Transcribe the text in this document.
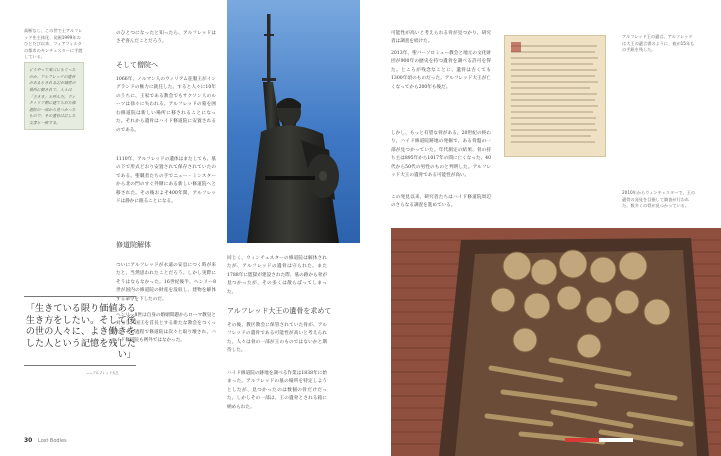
高断なし、この世で土アルフレッドを主体化、発掘1999年のひとたび以来、フィアフィルタの都市のキンチェスターに手渡している。

どうやって巣穴にもぐったのか、アルフレッドの遺骨があるとされる記が城壁の場所に掘されて、人々は「王さま」と呼んだ。ヴィクトリア朝に建てられた修道院の一部から見つかったもので、その遺骨は記した文書と一致する。

のひとつになったと知ったら、アルフレッドはさぞ喜んだことだろう。
そして僧院へ
1066年、ノルマン人のウィリアム征服王がイングランドの権力に就任した。すると人々に10年のうちに、王家である教会でもサクソン人のルーツは徐々に失われる。アルフレッドの墓を囲む修道院は新しい場所に移されることになった。それから遺骨はハイド修道院に安置されるのである。
1110年、アルフレッドの遺体はまたしても、墓の下で形式どおり安置されて保存されていたのである。聖職者たちの手でニュー・ミンスターから北の門のすぐ外側にある新しい修道院へと移された。その後およそ400年間、アルフレッドは静かに眠ることになる。
修道院解体
ついにアルフレッドが永遠の安息につく時が来たと、当然思われたことだろう。しかし実際にそうはならなかった。16世紀後半、ヘンリー8世が国内の修道院の財産を没収し、建物を解体する命令を下したのだ。
ヘンリー8世は自身の婚姻問題からローマ教皇と対立し、国王を首長とする新たな教会をつくった。その過程で修道院は次々と取り壊され、ハイド修道院も例外ではなかった。
「生きている限り価値ある生き方をしたい。そして後の世の人々に、よき働きをした人という記憶を残したい」
——アルフレッド大王
30 Lost Bodies
同じく、ウィンチェスターの修道院は解体されたが、アルフレッドの遺骨は守られた。また1788年に監獄が建設された際、墓の跡から骨が見つかったが、その多くは散らばってしまった。
アルフレッド大王の遺骨を求めて
その後、教区教会に保管されていた骨が、アルフレッドの遺骨である可能性が高いと考えられた。人々は骨の一部が王のものではないかと期待した。
ハイド修道院の跡地を調べる作業は1838年に始まった。アルフレッドの墓の場所を特定しようとしたが、見つかったのは数個の骨だけだった。しかしその一部は、王の遺骨とされる箱に納められた。
可能性が高いと考えられる骨が見つかり、研究者は調査を続けた。
2013年、聖バーソロミュー教会と地元の文化財団が900年の歴史を持つ遺骨を調べる許可を得た。ところが残念なことに、遺骨は古くても1300年頃のものだった。アルフレッド大王が亡くなってから200年も後だ。
しかし、もっと有望な骨がある。20世紀の終わり、ハイド修道院跡地の発掘で、ある骨盤の一部が見つかっていた。年代測定の結果、骨の持ち主は895年から1017年の間に亡くなった、40代から50代の男性のものと判明した。アルフレッド大王の遺骨である可能性が高い。
この発見以来、研究者たちはハイド修道院周辺のさらなる調査を進めている。
アルフレッド王の遺言。アルフレッドは大王の遺言書のように、彼が15年もの手紙を残した。
2010年からウィンチェスターで、王の遺骨の発見を目指して調査が行われた。数多くの骨が見つかっている。
